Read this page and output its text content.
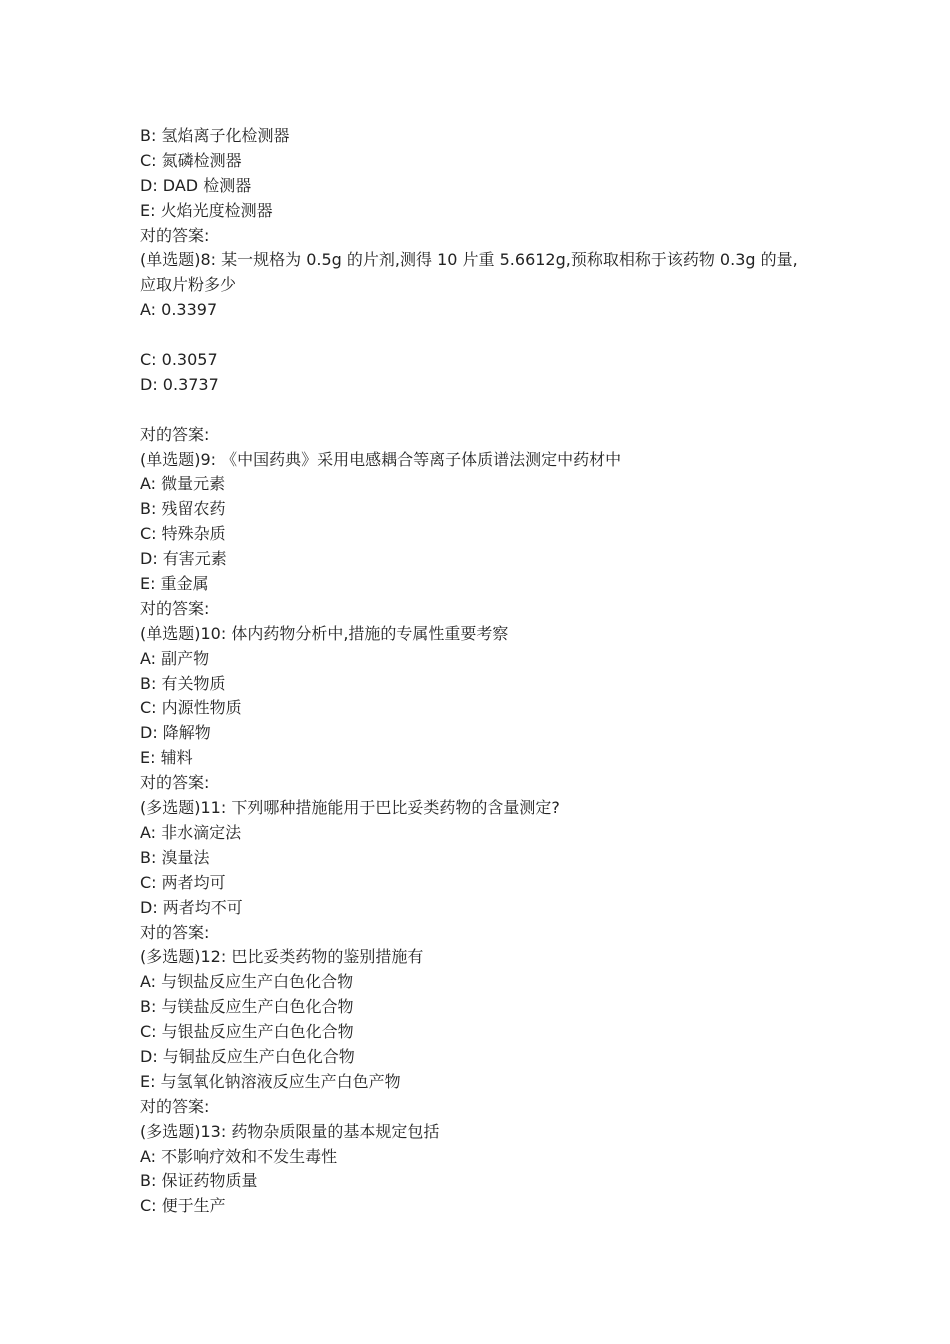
B: 氢焰离子化检测器
C: 氮磷检测器
D: DAD 检测器
E: 火焰光度检测器
对的答案:
(单选题)8: 某一规格为 0.5g 的片剂,测得 10 片重 5.6612g,预称取相称于该药物 0.3g 的量,
应取片粉多少
A: 0.3397
C: 0.3057
D: 0.3737
对的答案:
(单选题)9: 《中国药典》采用电感耦合等离子体质谱法测定中药材中
A: 微量元素
B: 残留农药
C: 特殊杂质
D: 有害元素
E: 重金属
对的答案:
(单选题)10: 体内药物分析中,措施的专属性重要考察
A: 副产物
B: 有关物质
C: 内源性物质
D: 降解物
E: 辅料
对的答案:
(多选题)11: 下列哪种措施能用于巴比妥类药物的含量测定?
A: 非水滴定法
B: 溴量法
C: 两者均可
D: 两者均不可
对的答案:
(多选题)12: 巴比妥类药物的鉴别措施有
A: 与钡盐反应生产白色化合物
B: 与镁盐反应生产白色化合物
C: 与银盐反应生产白色化合物
D: 与铜盐反应生产白色化合物
E: 与氢氧化钠溶液反应生产白色产物
对的答案:
(多选题)13: 药物杂质限量的基本规定包括
A: 不影响疗效和不发生毒性
B: 保证药物质量
C: 便于生产
